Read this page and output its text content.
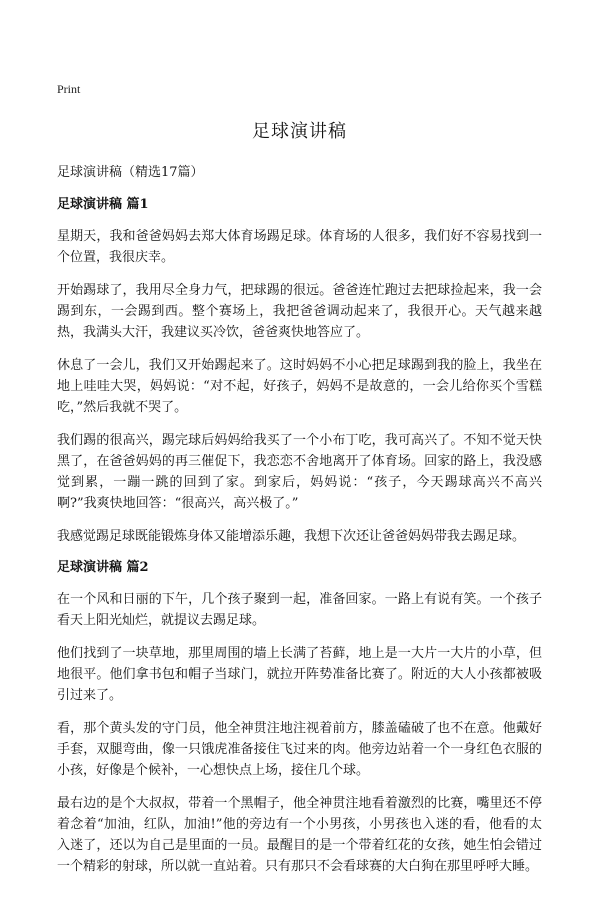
Print
足球演讲稿
足球演讲稿（精选17篇）
足球演讲稿 篇1

星期天，我和爸爸妈妈去郑大体育场踢足球。体育场的人很多，我们好不容易找到一个位置，我很庆幸。

开始踢球了，我用尽全身力气，把球踢的很远。爸爸连忙跑过去把球捡起来，我一会踢到东，一会踢到西。整个赛场上，我把爸爸调动起来了，我很开心。天气越来越热，我满头大汗，我建议买冷饮，爸爸爽快地答应了。

休息了一会儿，我们又开始踢起来了。这时妈妈不小心把足球踢到我的脸上，我坐在地上哇哇大哭，妈妈说：“对不起，好孩子，妈妈不是故意的，一会儿给你买个雪糕吃，”然后我就不哭了。

我们踢的很高兴，踢完球后妈妈给我买了一个小布丁吃，我可高兴了。不知不觉天快黑了，在爸爸妈妈的再三催促下，我恋恋不舍地离开了体育场。回家的路上，我没感觉到累，一蹦一跳的回到了家。到家后，妈妈说：“孩子，今天踢球高兴不高兴啊?”我爽快地回答：“很高兴，高兴极了。”

我感觉踢足球既能锻炼身体又能增添乐趣，我想下次还让爸爸妈妈带我去踢足球。

足球演讲稿 篇2

在一个风和日丽的下午，几个孩子聚到一起，准备回家。一路上有说有笑。一个孩子看天上阳光灿烂，就提议去踢足球。

他们找到了一块草地，那里周围的墙上长满了苔藓，地上是一大片一大片的小草，但地很平。他们拿书包和帽子当球门，就拉开阵势准备比赛了。附近的大人小孩都被吸引过来了。

看，那个黄头发的守门员，他全神贯注地注视着前方，膝盖磕破了也不在意。他戴好手套，双腿弯曲，像一只饿虎准备接住飞过来的肉。他旁边站着一个一身红色衣服的小孩，好像是个候补，一心想快点上场，接住几个球。

最右边的是个大叔叔，带着一个黑帽子，他全神贯注地看着激烈的比赛，嘴里还不停着念着“加油，红队，加油!”他的旁边有一个小男孩，小男孩也入迷的看，他看的太入迷了，还以为自己是里面的一员。最醒目的是一个带着红花的女孩，她生怕会错过一个精彩的射球，所以就一直站着。只有那只不会看球赛的大白狗在那里呼呼大睡。
